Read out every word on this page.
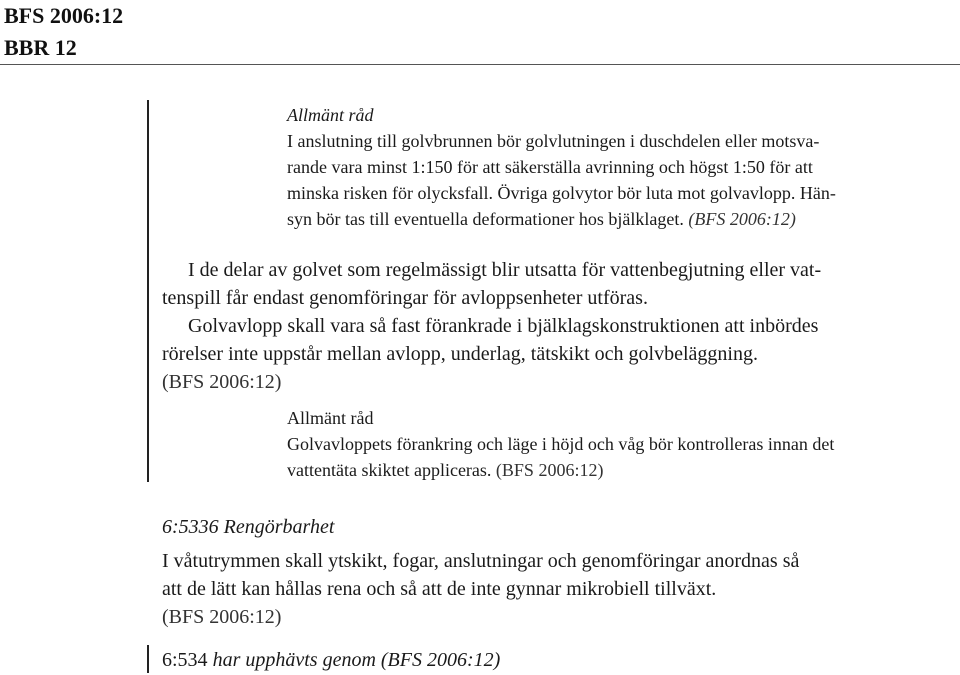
BFS 2006:12
BBR 12

Allmänt råd

I anslutning till golvbrunnen bör golvlutningen i duschdelen eller motsva-
rande vara minst 1:150 för att säkerställa avrinning och högst 1:50 för att
minska risken för olycksfall. Övriga golvytor bör luta mot golvavlopp. Hän-
syn bör tas till eventuella deformationer hos bjälklaget. (BFS 2006:12)

I de delar av golvet som regelmässigt blir utsatta för vattenbegjutning eller vat-
tenspill får endast genomföringar för avloppsenheter utföras.

Golvavlopp skall vara så fast förankrade i bjälklagskonstruktionen att inbördes
rörelser inte uppstår mellan avlopp, underlag, tätskikt och golvbeläggning.

(BFS 2006:12)

Allmänt råd

Golvavloppets förankring och läge i höjd och våg bör kontrolleras innan det
vattentäta skiktet appliceras. (BFS 2006:12)

6:5336 Rengörbarhet

I våtutrymmen skall ytskikt, fogar, anslutningar och genomföringar anordnas så
att de lätt kan hållas rena och så att de inte gynnar mikrobiell tillväxt.

(BFS 2006:12)

6:534 har upphävts genom (BFS 2006:12)
